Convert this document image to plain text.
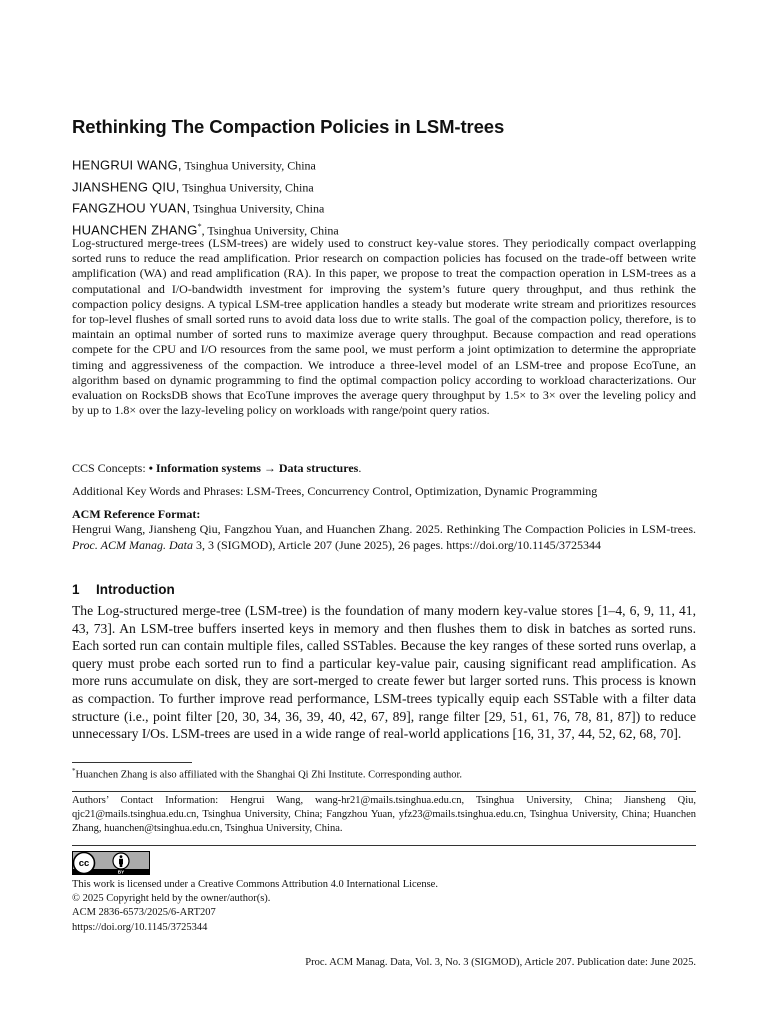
Rethinking The Compaction Policies in LSM-trees
HENGRUI WANG, Tsinghua University, China
JIANSHENG QIU, Tsinghua University, China
FANGZHOU YUAN, Tsinghua University, China
HUANCHEN ZHANG*, Tsinghua University, China

Log-structured merge-trees (LSM-trees) are widely used to construct key-value stores. They periodically compact overlapping sorted runs to reduce the read amplification. Prior research on compaction policies has focused on the trade-off between write amplification (WA) and read amplification (RA). In this paper, we propose to treat the compaction operation in LSM-trees as a computational and I/O-bandwidth investment for improving the system’s future query throughput, and thus rethink the compaction policy designs. A typical LSM-tree application handles a steady but moderate write stream and prioritizes resources for top-level flushes of small sorted runs to avoid data loss due to write stalls. The goal of the compaction policy, therefore, is to maintain an optimal number of sorted runs to maximize average query throughput. Because compaction and read operations compete for the CPU and I/O resources from the same pool, we must perform a joint optimization to determine the appropriate timing and aggressiveness of the compaction. We introduce a three-level model of an LSM-tree and propose EcoTune, an algorithm based on dynamic programming to find the optimal compaction policy according to workload characterizations. Our evaluation on RocksDB shows that EcoTune improves the average query throughput by 1.5× to 3× over the leveling policy and by up to 1.8× over the lazy-leveling policy on workloads with range/point query ratios.

CCS Concepts: • Information systems → Data structures.

Additional Key Words and Phrases: LSM-Trees, Concurrency Control, Optimization, Dynamic Programming

ACM Reference Format:

Hengrui Wang, Jiansheng Qiu, Fangzhou Yuan, and Huanchen Zhang. 2025. Rethinking The Compaction Policies in LSM-trees. Proc. ACM Manag. Data 3, 3 (SIGMOD), Article 207 (June 2025), 26 pages. https://doi.org/10.1145/3725344

1 Introduction

The Log-structured merge-tree (LSM-tree) is the foundation of many modern key-value stores [1–4, 6, 9, 11, 41, 43, 73]. An LSM-tree buffers inserted keys in memory and then flushes them to disk in batches as sorted runs. Each sorted run can contain multiple files, called SSTables. Because the key ranges of these sorted runs overlap, a query must probe each sorted run to find a particular key-value pair, causing significant read amplification. As more runs accumulate on disk, they are sort-merged to create fewer but larger sorted runs. This process is known as compaction. To further improve read performance, LSM-trees typically equip each SSTable with a filter data structure (i.e., point filter [20, 30, 34, 36, 39, 40, 42, 67, 89], range filter [29, 51, 61, 76, 78, 81, 87]) to reduce unnecessary I/Os. LSM-trees are used in a wide range of real-world applications [16, 31, 37, 44, 52, 62, 68, 70].

*Huanchen Zhang is also affiliated with the Shanghai Qi Zhi Institute. Corresponding author.

Authors’ Contact Information: Hengrui Wang, wang-hr21@mails.tsinghua.edu.cn, Tsinghua University, China; Jiansheng Qiu, qjc21@mails.tsinghua.edu.cn, Tsinghua University, China; Fangzhou Yuan, yfz23@mails.tsinghua.edu.cn, Tsinghua University, China; Huanchen Zhang, huanchen@tsinghua.edu.cn, Tsinghua University, China.

cc
BY
This work is licensed under a Creative Commons Attribution 4.0 International License.
© 2025 Copyright held by the owner/author(s).
ACM 2836-6573/2025/6-ART207
https://doi.org/10.1145/3725344

Proc. ACM Manag. Data, Vol. 3, No. 3 (SIGMOD), Article 207. Publication date: June 2025.
